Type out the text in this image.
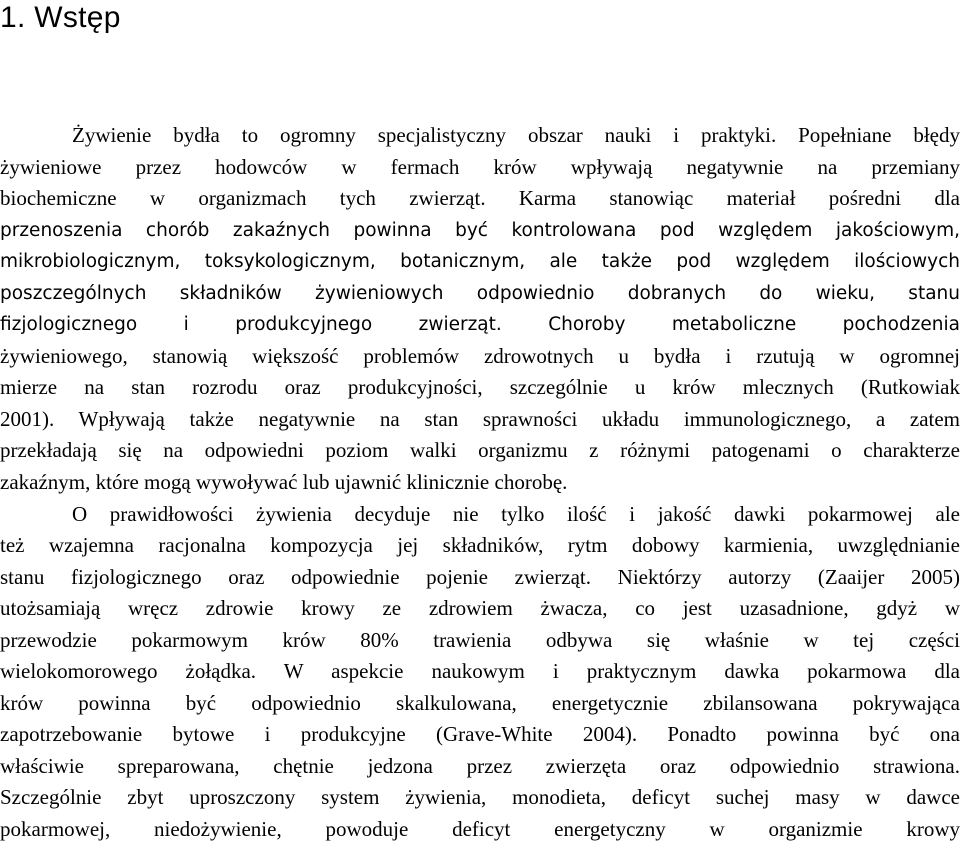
1. Wstęp
Żywienie bydła to ogromny specjalistyczny obszar nauki i praktyki. Popełniane błędy
żywieniowe przez hodowców w fermach krów wpływają negatywnie na przemiany
biochemiczne w organizmach tych zwierząt. Karma stanowiąc materiał pośredni dla
przenoszenia chorób zakaźnych powinna być kontrolowana pod względem jakościowym,
mikrobiologicznym, toksykologicznym, botanicznym, ale także pod względem ilościowych
poszczególnych składników żywieniowych odpowiednio dobranych do wieku, stanu
fizjologicznego i produkcyjnego zwierząt. Choroby metaboliczne pochodzenia
żywieniowego, stanowią większość problemów zdrowotnych u bydła i rzutują w ogromnej
mierze na stan rozrodu oraz produkcyjności, szczególnie u krów mlecznych (Rutkowiak
2001). Wpływają także negatywnie na stan sprawności układu immunologicznego, a zatem
przekładają się na odpowiedni poziom walki organizmu z różnymi patogenami o charakterze
zakaźnym, które mogą wywoływać lub ujawnić klinicznie chorobę.
O prawidłowości żywienia decyduje nie tylko ilość i jakość dawki pokarmowej ale
też wzajemna racjonalna kompozycja jej składników, rytm dobowy karmienia, uwzględnianie
stanu fizjologicznego oraz odpowiednie pojenie zwierząt. Niektórzy autorzy (Zaaijer 2005)
utożsamiają wręcz zdrowie krowy ze zdrowiem żwacza, co jest uzasadnione, gdyż w
przewodzie pokarmowym krów 80% trawienia odbywa się właśnie w tej części
wielokomorowego żołądka. W aspekcie naukowym i praktycznym dawka pokarmowa dla
krów powinna być odpowiednio skalkulowana, energetycznie zbilansowana pokrywająca
zapotrzebowanie bytowe i produkcyjne (Grave-White 2004). Ponadto powinna być ona
właściwie spreparowana, chętnie jedzona przez zwierzęta oraz odpowiednio strawiona.
Szczególnie zbyt uproszczony system żywienia, monodieta, deficyt suchej masy w dawce
pokarmowej, niedożywienie, powoduje deficyt energetyczny w organizmie krowy
